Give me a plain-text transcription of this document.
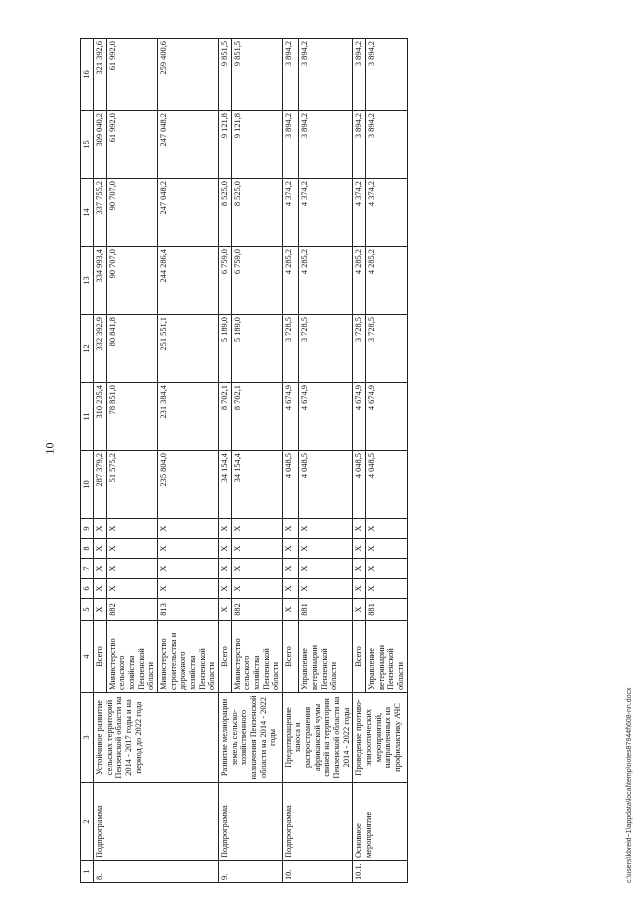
10
1	2	3	4	5	6	7	8	9	10	11	12	13	14	15	16
8.	Подпрограмма	Устойчивое развитие сельских территорий Пензенской области на 2014 - 2017 годы и на период до 2022 года	Всего	Х	Х	Х	Х	Х	287 379,2	310 235,4	332 392,9	334 993,4	337 755,2	309 040,2	321 392,6
			Министерство сельского хозяйства Пензенской области	882	Х	Х	Х	Х	51 575,2	78 851,0	80 841,8	90 707,0	90 707,0	61 992,0	61 992,0
			Министерство строительства и дорожного хозяйства Пензенской области	813	Х	Х	Х	Х	235 804,0	231 384,4	251 551,1	244 286,4	247 048,2	247 048,2	259 400,6
9.	Подпрограмма	Развитие мелиорации земель сельско-хозяйственного назначения Пензенской области на 2014 - 2022 годы	Всего	Х	Х	Х	Х	Х	34 154,4	8 702,1	5 189,0	6 759,0	8 525,0	9 121,8	9 851,5
			Министерство сельского хозяйства Пензенской области	882	Х	Х	Х	Х	34 154,4	8 702,1	5 189,0	6 759,0	8 525,0	9 121,8	9 851,5
10.	Подпрограмма	Предотвращение заноса и распространения африканской чумы свиней на территории Пензенской области на 2014 - 2022 годы	Всего	Х	Х	Х	Х	Х	4 048,5	4 674,9	3 728,5	4 285,2	4 374,2	3 894,2	3 894,2
			Управление ветеринарии Пензенской области	881	Х	Х	Х	Х	4 048,5	4 674,9	3 728,5	4 285,2	4 374,2	3 894,2	3 894,2
10.1.	Основное мероприятие	Проведение противо-эпизоотических мероприятий, направленных на профилактику АЧС	Всего	Х	Х	Х	Х	Х	4 048,5	4 674,9	3 728,5	4 285,2	4 374,2	3 894,2	3 894,2
			Управление ветеринарии Пензенской области	881	Х	Х	Х	Х	4 048,5	4 674,9	3 728,5	4 285,2	4 374,2	3 894,2	3 894,2
c:\users\kbreid~1\appdata\local\temp\notes87944f\608-nn.docx
